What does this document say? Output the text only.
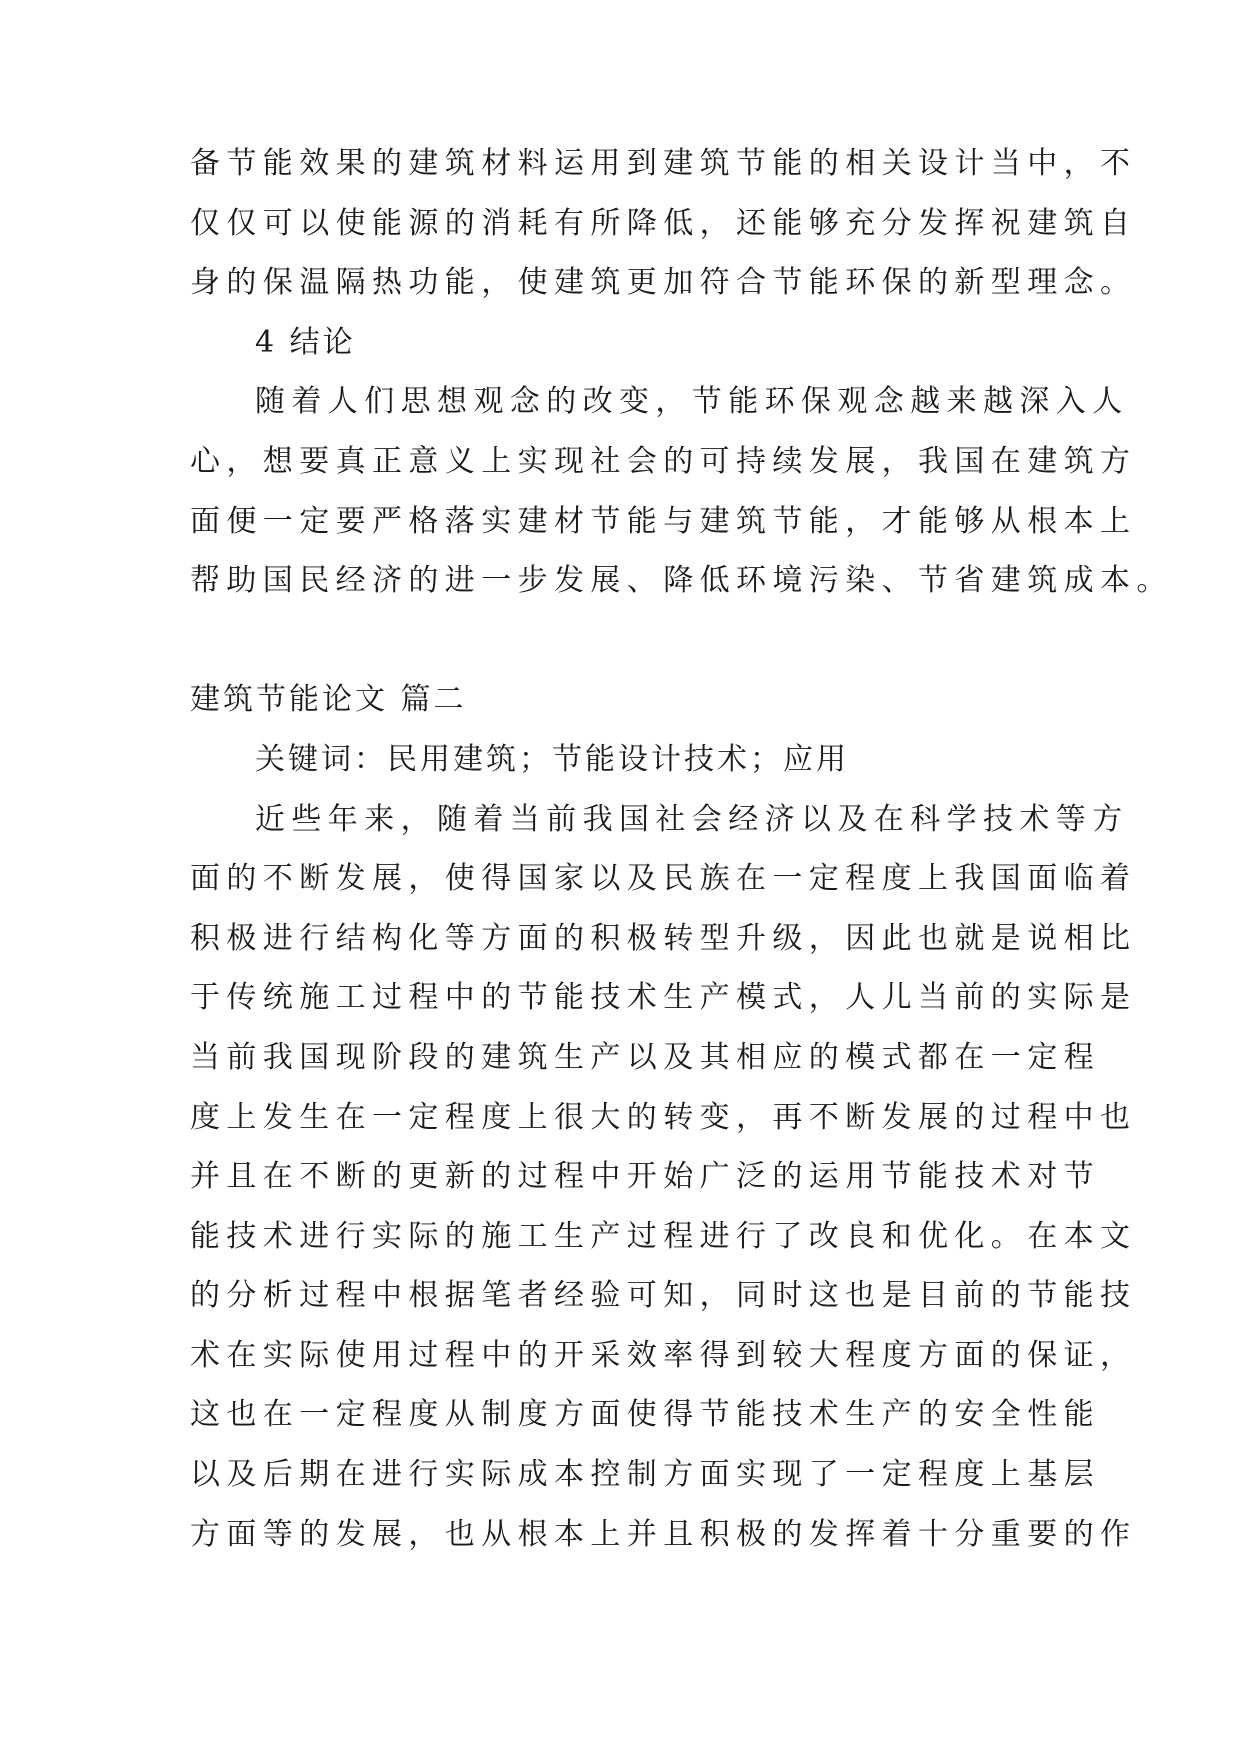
备节能效果的建筑材料运用到建筑节能的相关设计当中，不
仅仅可以使能源的消耗有所降低，还能够充分发挥祝建筑自
身的保温隔热功能，使建筑更加符合节能环保的新型理念。
4 结论
随着人们思想观念的改变，节能环保观念越来越深入人
心，想要真正意义上实现社会的可持续发展，我国在建筑方
面便一定要严格落实建材节能与建筑节能，才能够从根本上
帮助国民经济的进一步发展、降低环境污染、节省建筑成本。
建筑节能论文 篇二
关键词：民用建筑；节能设计技术；应用
近些年来，随着当前我国社会经济以及在科学技术等方
面的不断发展，使得国家以及民族在一定程度上我国面临着
积极进行结构化等方面的积极转型升级，因此也就是说相比
于传统施工过程中的节能技术生产模式，人儿当前的实际是
当前我国现阶段的建筑生产以及其相应的模式都在一定程
度上发生在一定程度上很大的转变，再不断发展的过程中也
并且在不断的更新的过程中开始广泛的运用节能技术对节
能技术进行实际的施工生产过程进行了改良和优化。在本文
的分析过程中根据笔者经验可知，同时这也是目前的节能技
术在实际使用过程中的开采效率得到较大程度方面的保证，
这也在一定程度从制度方面使得节能技术生产的安全性能
以及后期在进行实际成本控制方面实现了一定程度上基层
方面等的发展，也从根本上并且积极的发挥着十分重要的作
